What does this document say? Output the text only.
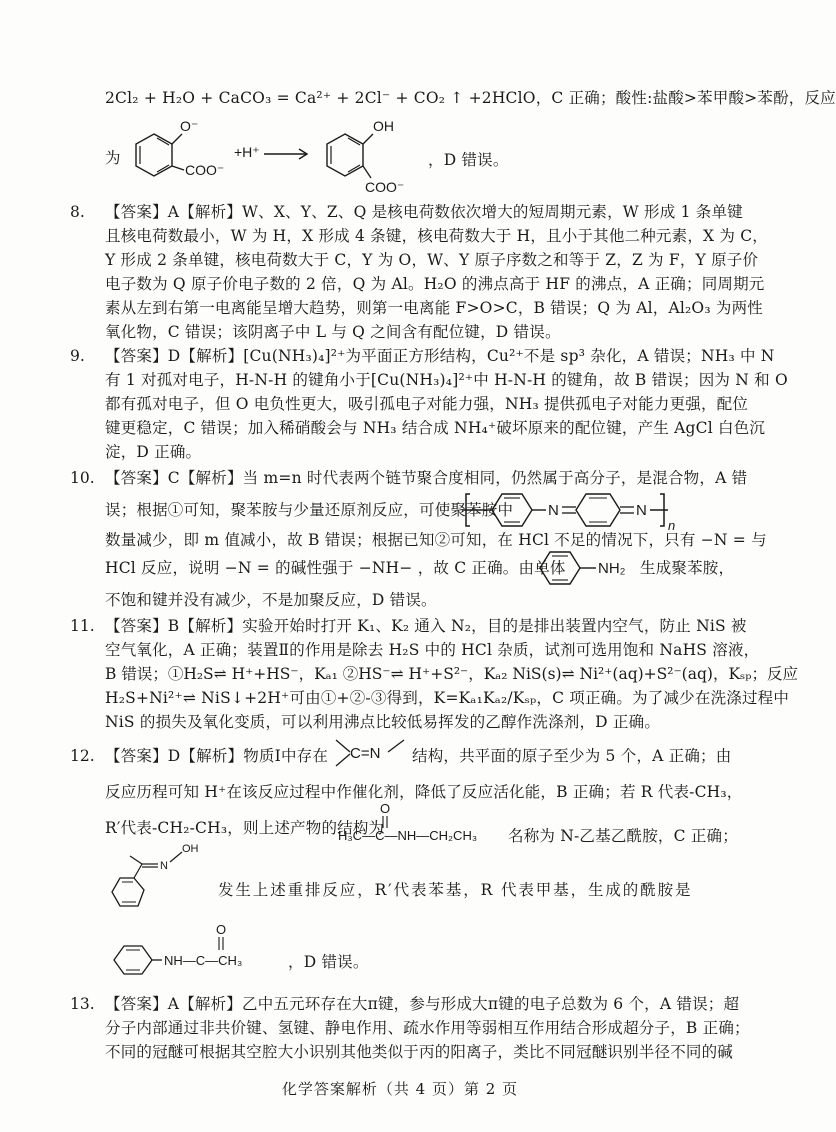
2Cl₂ + H₂O + CaCO₃ = Ca²⁺ + 2Cl⁻ + CO₂ ↑ +2HClO，C 正确；酸性:盐酸>苯甲酸>苯酚，反应
为
O⁻
COO⁻
+H⁺ →
OH
COO⁻
，D 错误。
8. 【答案】A【解析】W、X、Y、Z、Q 是核电荷数依次增大的短周期元素，W 形成 1 条单键
且核电荷数最小，W 为 H，X 形成 4 条键，核电荷数大于 H，且小于其他二种元素，X 为 C，
Y 形成 2 条单键，核电荷数大于 C，Y 为 O，W、Y 原子序数之和等于 Z，Z 为 F，Y 原子价
电子数为 Q 原子价电子数的 2 倍，Q 为 Al。H₂O 的沸点高于 HF 的沸点，A 正确；同周期元
素从左到右第一电离能呈增大趋势，则第一电离能 F>O>C，B 错误；Q 为 Al，Al₂O₃ 为两性
氧化物，C 错误；该阴离子中 L 与 Q 之间含有配位键，D 错误。
9. 【答案】D【解析】[Cu(NH₃)₄]²⁺为平面正方形结构，Cu²⁺不是 sp³ 杂化，A 错误；NH₃ 中 N
有 1 对孤对电子，H-N-H 的键角小于[Cu(NH₃)₄]²⁺中 H-N-H 的键角，故 B 错误；因为 N 和 O
都有孤对电子，但 O 电负性更大，吸引孤电子对能力强，NH₃ 提供孤电子对能力更强，配位
键更稳定，C 错误；加入稀硝酸会与 NH₃ 结合成 NH₄⁺破坏原来的配位键，产生 AgCl 白色沉
淀，D 正确。
10. 【答案】C【解析】当 m=n 时代表两个链节聚合度相同，仍然属于高分子，是混合物，A 错
误；根据①可知，聚苯胺与少量还原剂反应，可使聚苯胺中 N	N
n
数量减少，即 m 值减小，故 B 错误；根据已知②可知，在 HCl 不足的情况下，只有 −N = 与
HCl 反应，说明 −N = 的碱性强于 −NH− ，故 C 正确。由单体 NH₂ 生成聚苯胺，
不饱和键并没有减少，不是加聚反应，D 错误。
11. 【答案】B【解析】实验开始时打开 K₁、K₂ 通入 N₂，目的是排出装置内空气，防止 NiS 被
空气氧化，A 正确；装置Ⅱ的作用是除去 H₂S 中的 HCl 杂质，试剂可选用饱和 NaHS 溶液，
B 错误；①H₂S⇌ H⁺+HS⁻，Kₐ₁ ②HS⁻⇌ H⁺+S²⁻，Kₐ₂ NiS(s)⇌ Ni²⁺(aq)+S²⁻(aq)，Kₛₚ；反应
H₂S+Ni²⁺⇌ NiS↓+2H⁺可由①+②-③得到，K=Kₐ₁Kₐ₂/Kₛₚ，C 项正确。为了减少在洗涤过程中
NiS 的损失及氧化变质，可以利用沸点比较低易挥发的乙醇作洗涤剂，D 正确。
12. 【答案】D【解析】物质Ⅰ中存在 C=N 结构，共平面的原子至少为 5 个，A 正确；由
反应历程可知 H⁺在该反应过程中作催化剂，降低了反应活化能，B 正确；若 R 代表-CH₃，
R′代表-CH₂-CH₃，则上述产物的结构为
O
H₃C—C—NH—CH₂CH₃ 名称为 N-乙基乙酰胺，C 正确；
N
OH
发生上述重排反应，R′代表苯基，R 代表甲基，生成的酰胺是
O
NH—C—CH₃	，D 错误。
13. 【答案】A【解析】乙中五元环存在大π键，参与形成大π键的电子总数为 6 个，A 错误；超
分子内部通过非共价键、氢键、静电作用、疏水作用等弱相互作用结合形成超分子，B 正确；
不同的冠醚可根据其空腔大小识别其他类似于丙的阳离子，类比不同冠醚识别半径不同的碱
化学答案解析（共 4 页）第 2 页
